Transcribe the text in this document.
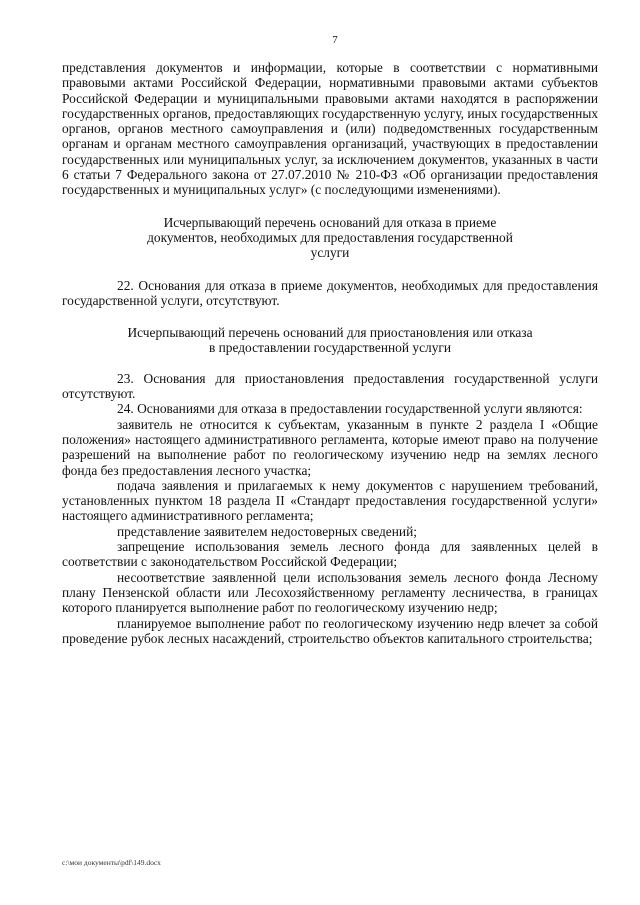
7

представления документов и информации, которые в соответствии с нормативными правовыми актами Российской Федерации, нормативными правовыми актами субъектов Российской Федерации и муниципальными правовыми актами находятся в распоряжении государственных органов, предоставляющих государственную услугу, иных государственных органов, органов местного самоуправления и (или) подведомственных государственным органам и органам местного самоуправления организаций, участвующих в предоставлении государственных или муниципальных услуг, за исключением документов, указанных в части 6 статьи 7 Федерального закона от 27.07.2010 № 210-ФЗ «Об организации предоставления государственных и муниципальных услуг» (с последующими изменениями).

Исчерпывающий перечень оснований для отказа в приеме
документов, необходимых для предоставления государственной
услуги

22. Основания для отказа в приеме документов, необходимых для предоставления государственной услуги, отсутствуют.

Исчерпывающий перечень оснований для приостановления или отказа
в предоставлении государственной услуги

23. Основания для приостановления предоставления государственной услуги отсутствуют.

24. Основаниями для отказа в предоставлении государственной услуги являются:

заявитель не относится к субъектам, указанным в пункте 2 раздела I «Общие положения» настоящего административного регламента, которые имеют право на получение разрешений на выполнение работ по геологическому изучению недр на землях лесного фонда без предоставления лесного участка;

подача заявления и прилагаемых к нему документов с нарушением требований, установленных пунктом 18 раздела II «Стандарт предоставления государственной услуги» настоящего административного регламента;

представление заявителем недостоверных сведений;

запрещение использования земель лесного фонда для заявленных целей в соответствии с законодательством Российской Федерации;

несоответствие заявленной цели использования земель лесного фонда Лесному плану Пензенской области или Лесохозяйственному регламенту лесничества, в границах которого планируется выполнение работ по геологическому изучению недр;

планируемое выполнение работ по геологическому изучению недр влечет за собой проведение рубок лесных насаждений, строительство объектов капитального строительства;

c:\мои документы\pdf\149.docx
